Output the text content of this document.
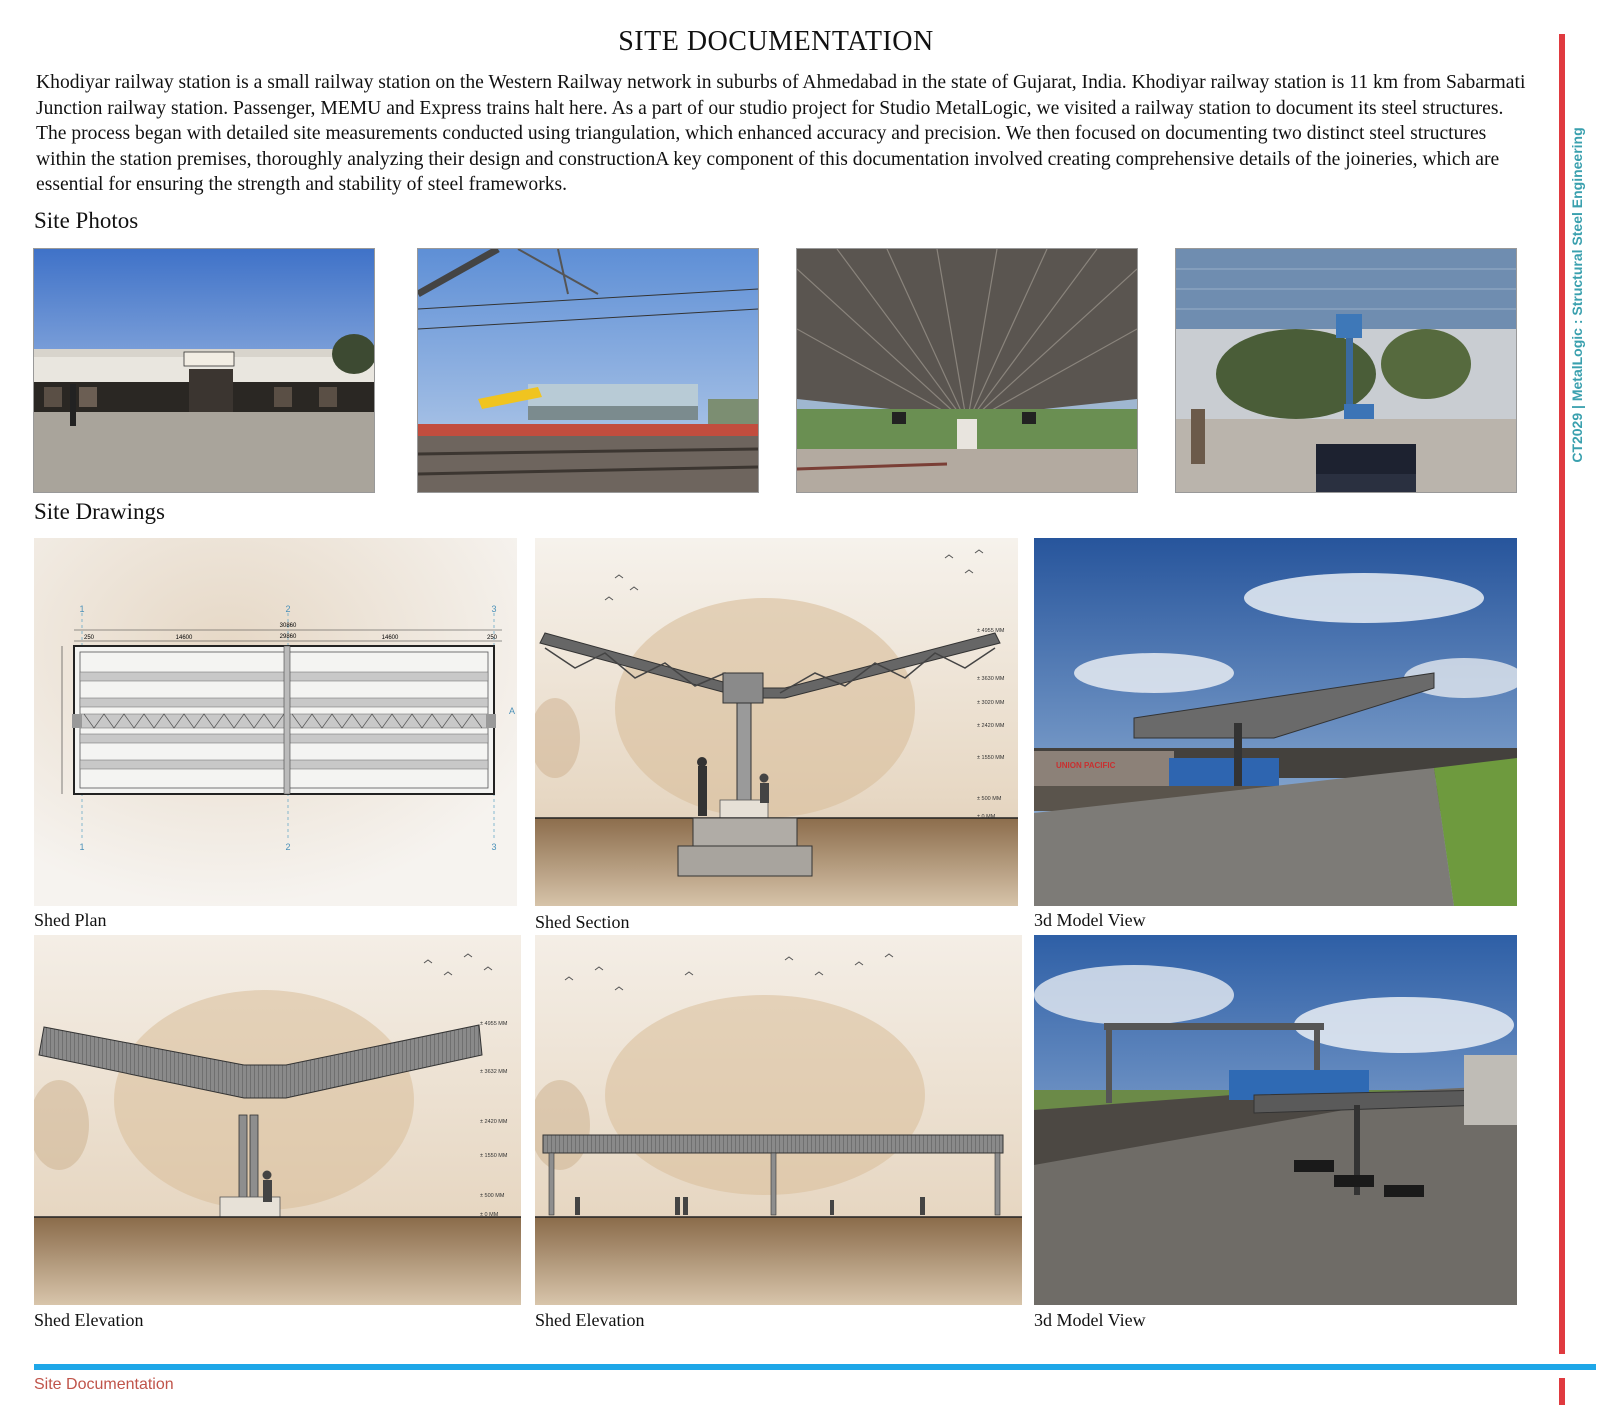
SITE DOCUMENTATION
Khodiyar railway station is a small railway station on the Western Railway network in suburbs of Ahmedabad in the state of Gujarat, India. Khodiyar railway station is 11 km from Sabarmati Junction railway station. Passenger, MEMU and Express trains halt here. As a part of our studio project for Studio MetalLogic, we visited a railway station to document its steel structures. The process began with detailed site measurements conducted using triangulation, which enhanced accuracy and precision. We then focused on documenting two distinct steel structures within the station premises, thoroughly analyzing their design and constructionA key component of this documentation involved creating comprehensive details of the joineries, which are essential for ensuring the strength and stability of steel frameworks.
Site Photos
Site Drawings
1	2	3
1	2	3
A
30860
29860
14600	14600
250	250
Shed Plan
± 4955 MM
± 3630 MM
± 3020 MM
± 2420 MM
± 1550 MM
± 500 MM
± 0 MM
Shed Section
UNION PACIFIC
3d Model View
± 4955 MM
± 3632 MM
± 2420 MM
± 1550 MM
± 500 MM
± 0 MM
Shed Elevation	Shed Elevation	3d Model View
CT2029 | MetalLogic : Structural Steel Engineering
Site Documentation
